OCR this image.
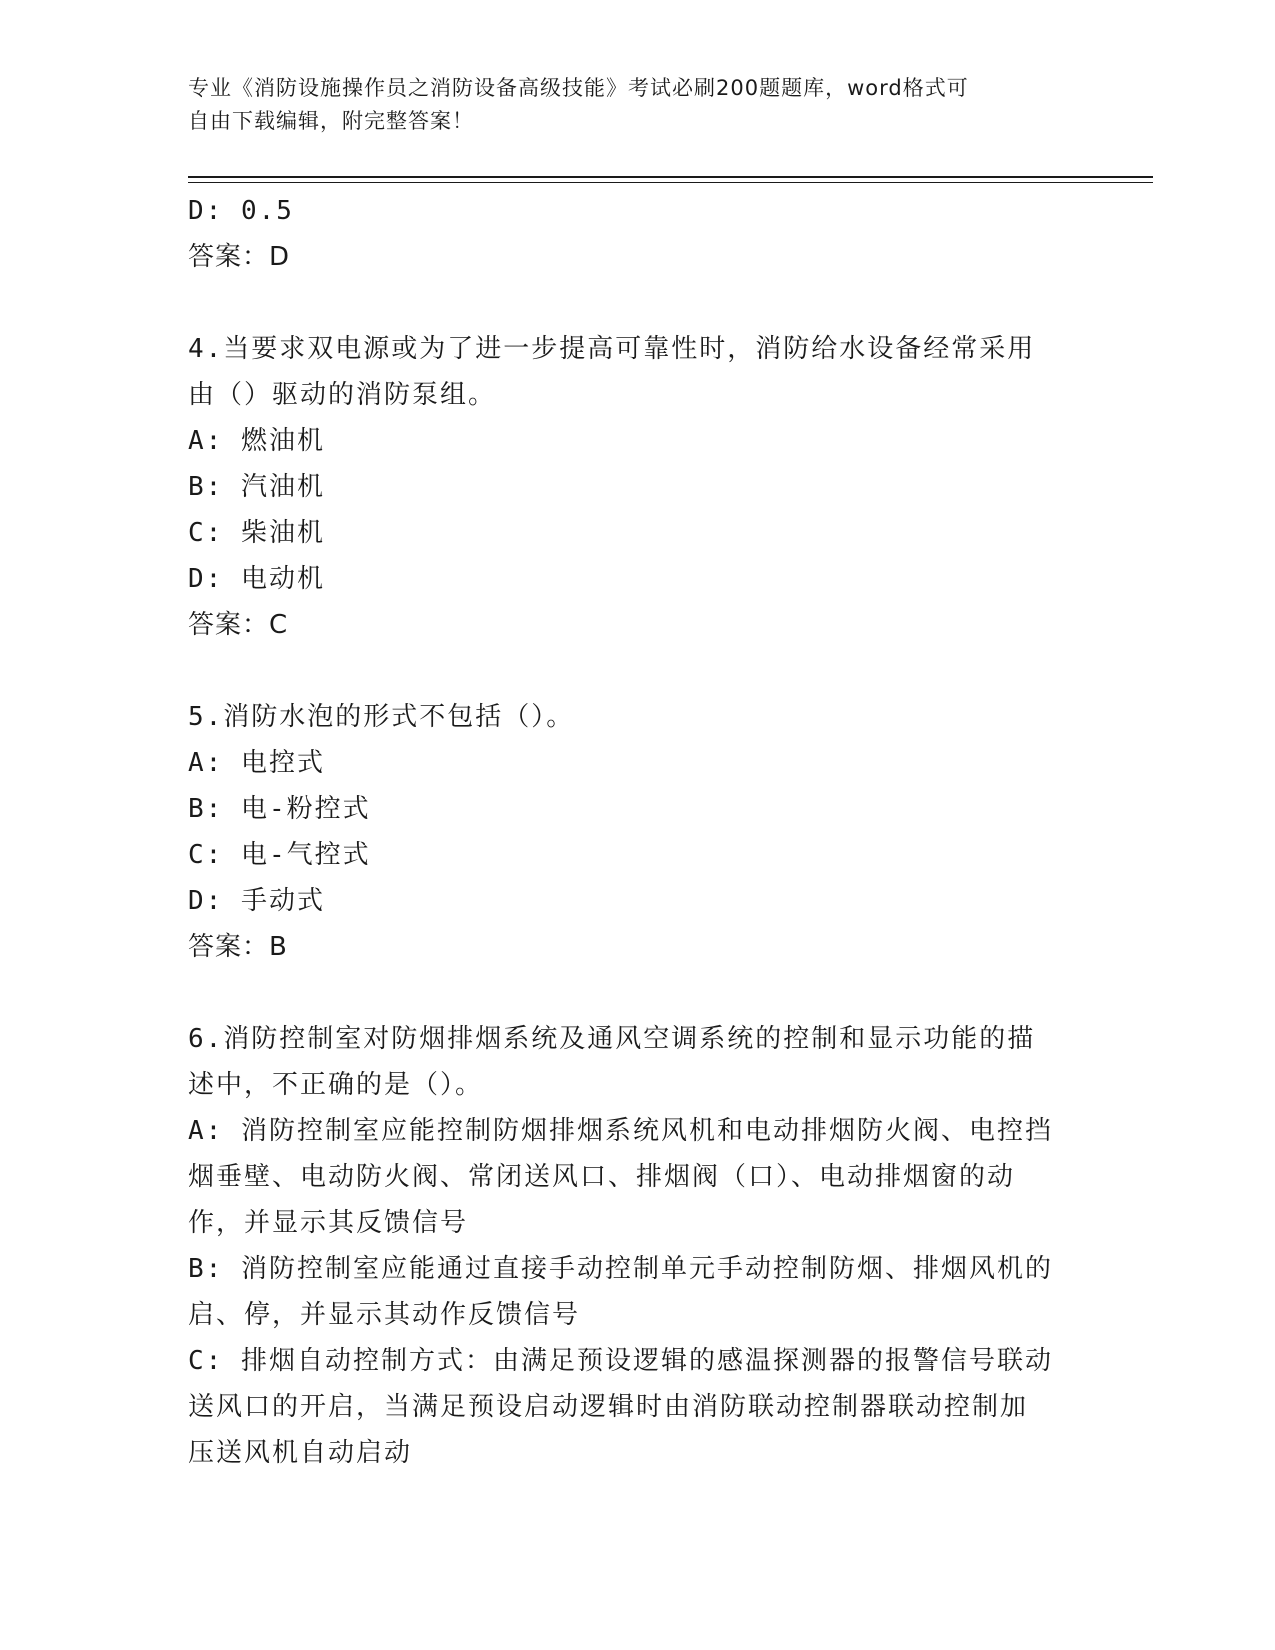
专业《消防设施操作员之消防设备高级技能》考试必刷200题题库，word格式可
自由下载编辑，附完整答案！
D: 0.5
答案：D
4.当要求双电源或为了进一步提高可靠性时，消防给水设备经常采用
由（）驱动的消防泵组。
A: 燃油机
B: 汽油机
C: 柴油机
D: 电动机
答案：C
5.消防水泡的形式不包括（）。
A: 电控式
B: 电-粉控式
C: 电-气控式
D: 手动式
答案：B
6.消防控制室对防烟排烟系统及通风空调系统的控制和显示功能的描
述中，不正确的是（）。
A: 消防控制室应能控制防烟排烟系统风机和电动排烟防火阀、电控挡
烟垂壁、电动防火阀、常闭送风口、排烟阀（口）、电动排烟窗的动
作，并显示其反馈信号
B: 消防控制室应能通过直接手动控制单元手动控制防烟、排烟风机的
启、停，并显示其动作反馈信号
C: 排烟自动控制方式：由满足预设逻辑的感温探测器的报警信号联动
送风口的开启，当满足预设启动逻辑时由消防联动控制器联动控制加
压送风机自动启动
